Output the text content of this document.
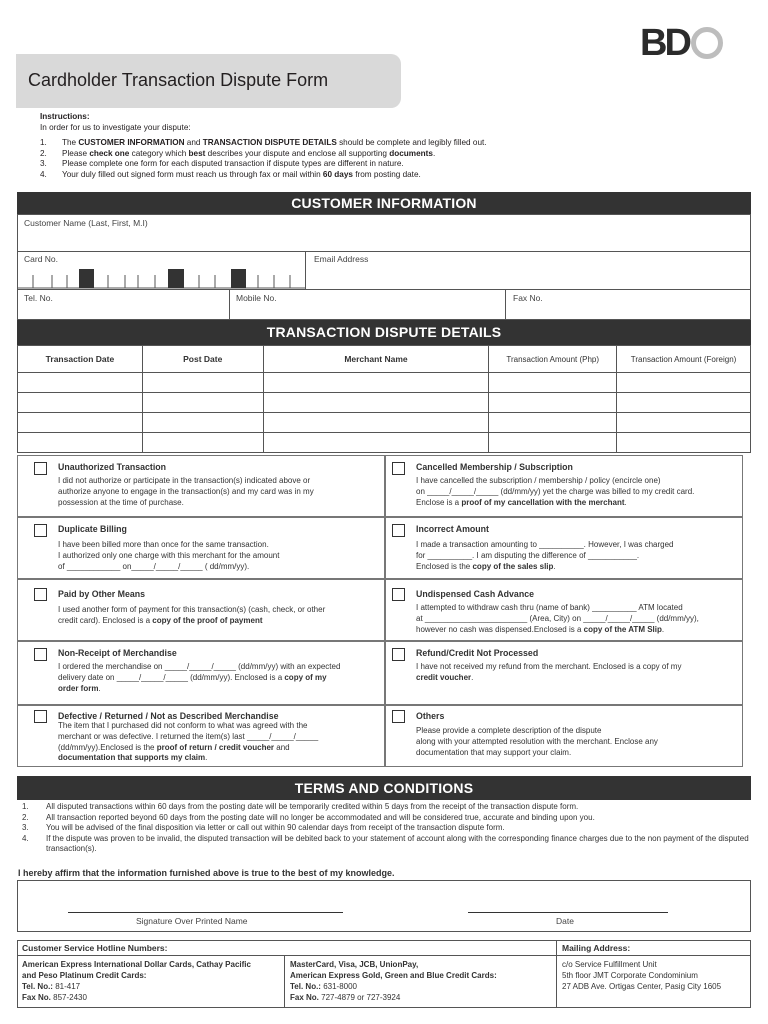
BD
Cardholder Transaction Dispute Form
Instructions:
In order for us to investigate your dispute:
1.	The CUSTOMER INFORMATION and TRANSACTION DISPUTE DETAILS should be complete and legibly filled out.
2.	Please check one category which best describes your dispute and enclose all supporting documents.
3.	Please complete one form for each disputed transaction if dispute types are different in nature.
4.	Your duly filled out signed form must reach us through fax or mail within 60 days from posting date.
CUSTOMER INFORMATION
Customer Name (Last, First, M.I)
Card No.	Email Address
Tel. No.	Mobile No.	Fax No.
TRANSACTION DISPUTE DETAILS
Transaction Date	Post Date	Merchant Name	Transaction Amount (Php)	Transaction Amount (Foreign)

Unauthorized Transaction
I did not authorize or participate in the transaction(s) indicated above or
authorize anyone to engage in the transaction(s) and my card was in my
possession at the time of purchase.
Cancelled Membership / Subscription
I have cancelled the subscription / membership / policy (encircle one)
on _____/_____/_____ (dd/mm/yy) yet the charge was billed to my credit card.
Enclose is a proof of my cancellation with the merchant.
Duplicate Billing
I have been billed more than once for the same transaction.
I authorized only one charge with this merchant for the amount
of ____________ on_____/_____/_____ ( dd/mm/yy).
Incorrect Amount
I made a transaction amounting to __________. However, I was charged
for __________. I am disputing the difference of ___________.
Enclosed is the copy of the sales slip.
Paid by Other Means
I used another form of payment for this transaction(s) (cash, check, or other
credit card). Enclosed is a copy of the proof of payment
Undispensed Cash Advance
I attempted to withdraw cash thru (name of bank) __________ ATM located
at _______________________ (Area, City) on _____/_____/_____ (dd/mm/yy),
however no cash was dispensed.Enclosed is a copy of the ATM Slip.
Non-Receipt of Merchandise
I ordered the merchandise on _____/_____/_____ (dd/mm/yy) with an expected
delivery date on _____/_____/_____ (dd/mm/yy). Enclosed is a copy of my
order form.
Refund/Credit Not Processed
I have not received my refund from the merchant. Enclosed is a copy of my
credit voucher.
Defective / Returned / Not as Described Merchandise
The item that I purchased did not conform to what was agreed with the
merchant or was defective. I returned the item(s) last _____/_____/_____
(dd/mm/yy).Enclosed is the proof of return / credit voucher and
documentation that supports my claim.
Others
Please provide a complete description of the dispute
along with your attempted resolution with the merchant. Enclose any
documentation that may support your claim.
TERMS AND CONDITIONS
1.	All disputed transactions within 60 days from the posting date will be temporarily credited within 5 days from the receipt of the transaction dispute form.
2.	All transaction reported beyond 60 days from the posting date will no longer be accommodated and will be considered true, accurate and binding upon you.
3.	You will be advised of the final disposition via letter or call out within 90 calendar days from receipt of the transaction dispute form.
4.	If the dispute was proven to be invalid, the disputed transaction will be debited back to your statement of account along with the corresponding finance charges due to the non payment of the disputed transaction(s).
I hereby affirm that the information furnished above is true to the best of my knowledge.
Signature Over Printed Name	Date
Customer Service Hotline Numbers:	Mailing Address:
American Express International Dollar Cards, Cathay Pacific
and Peso Platinum Credit Cards:
Tel. No.: 81-417
Fax No. 857-2430
MasterCard, Visa, JCB, UnionPay,
American Express Gold, Green and Blue Credit Cards:
Tel. No.: 631-8000
Fax No. 727-4879 or 727-3924
c/o Service Fulfillment Unit
5th floor JMT Corporate Condominium
27 ADB Ave. Ortigas Center, Pasig City 1605
